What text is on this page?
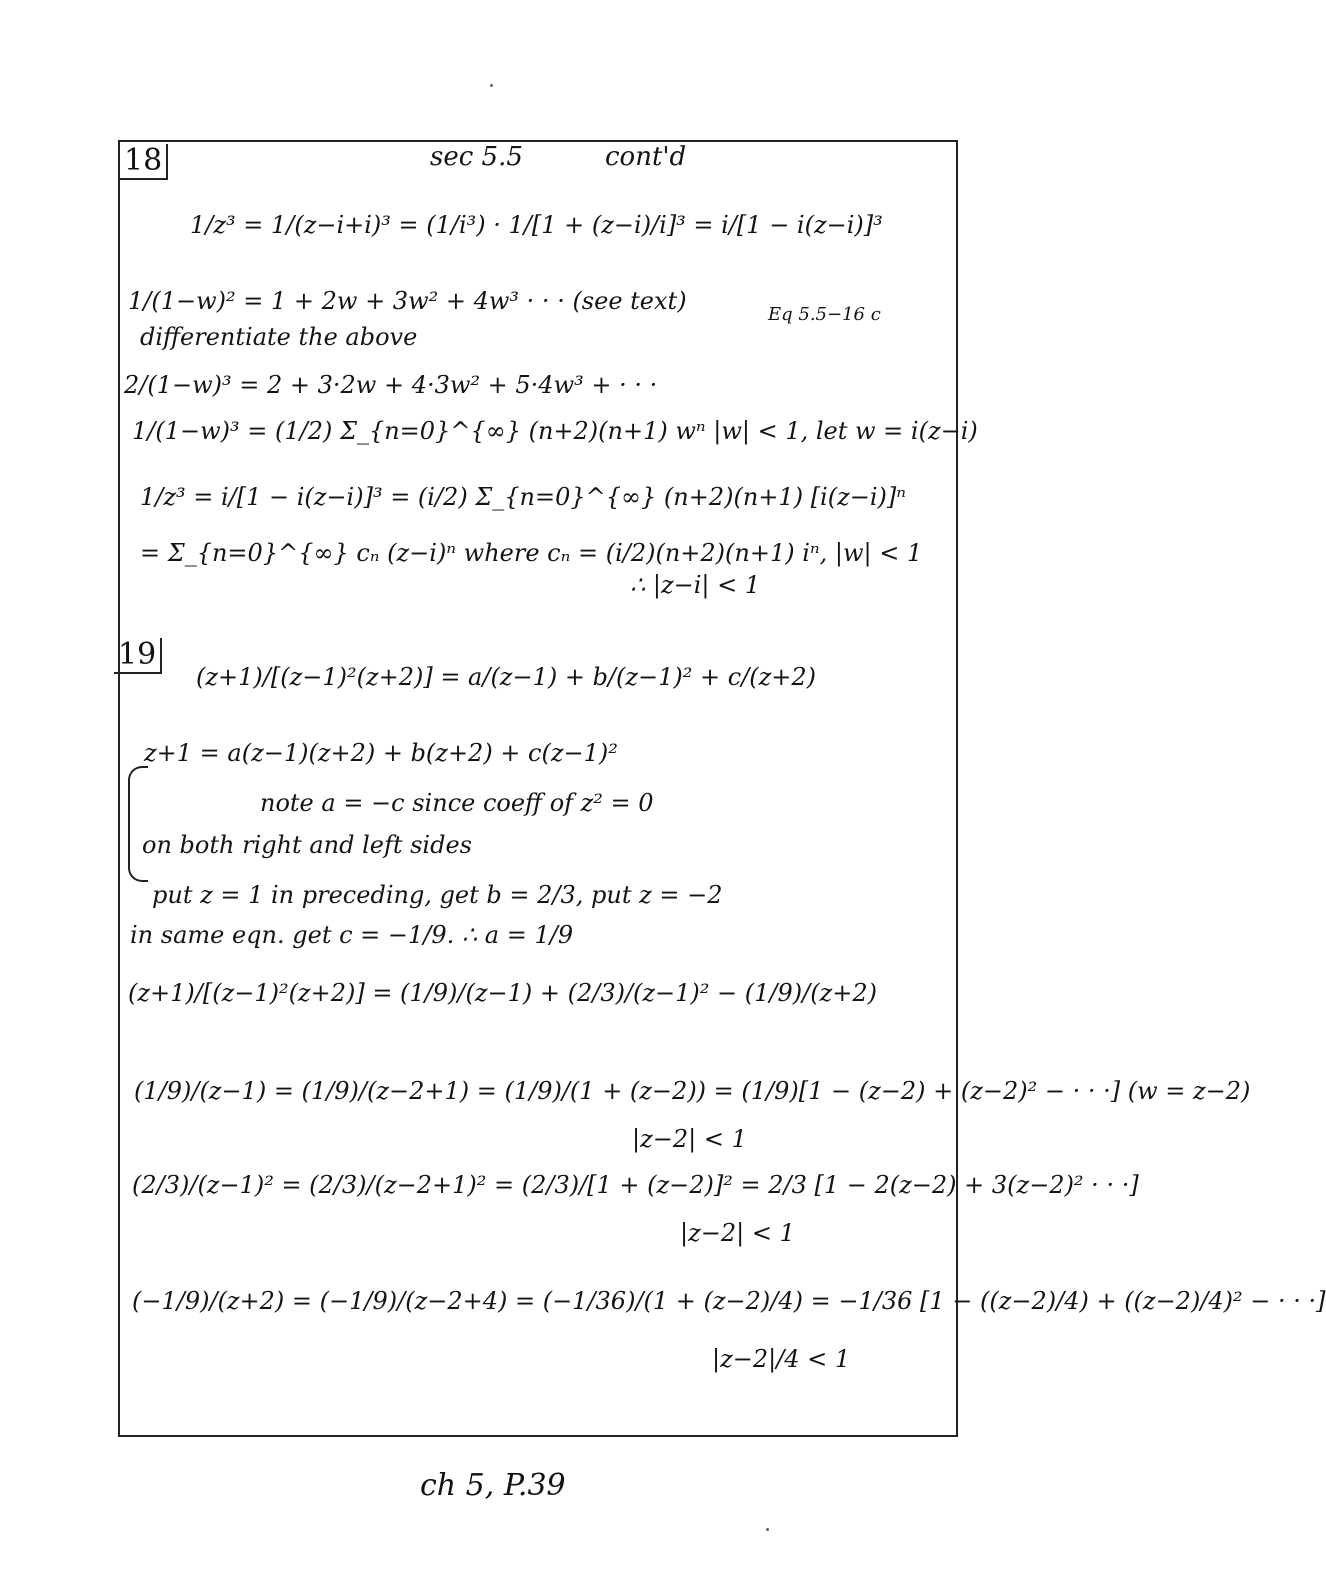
18	sec 5.5	cont'd
1/z³ = 1/(z−i+i)³ = (1/i³) · 1/[1 + (z−i)/i]³ = i/[1 − i(z−i)]³
1/(1−w)² = 1 + 2w + 3w² + 4w³ · · · (see text)	Eq 5.5−16 c
differentiate the above
2/(1−w)³ = 2 + 3·2w + 4·3w² + 5·4w³ + · · ·
1/(1−w)³ = (1/2) Σ_{n=0}^{∞} (n+2)(n+1) wⁿ |w| < 1, let w = i(z−i)
1/z³ = i/[1 − i(z−i)]³ = (i/2) Σ_{n=0}^{∞} (n+2)(n+1) [i(z−i)]ⁿ
= Σ_{n=0}^{∞} cₙ (z−i)ⁿ where cₙ = (i/2)(n+2)(n+1) iⁿ, |w| < 1
∴ |z−i| < 1
19
(z+1)/[(z−1)²(z+2)] = a/(z−1) + b/(z−1)² + c/(z+2)
z+1 = a(z−1)(z+2) + b(z+2) + c(z−1)²
note a = −c since coeff of z² = 0
on both right and left sides
put z = 1 in preceding, get b = 2/3, put z = −2
in same eqn. get c = −1/9. ∴ a = 1/9
(z+1)/[(z−1)²(z+2)] = (1/9)/(z−1) + (2/3)/(z−1)² − (1/9)/(z+2)
(1/9)/(z−1) = (1/9)/(z−2+1) = (1/9)/(1 + (z−2)) = (1/9)[1 − (z−2) + (z−2)² − · · ·] (w = z−2)
|z−2| < 1
(2/3)/(z−1)² = (2/3)/(z−2+1)² = (2/3)/[1 + (z−2)]² = 2/3 [1 − 2(z−2) + 3(z−2)² · · ·]
|z−2| < 1
(−1/9)/(z+2) = (−1/9)/(z−2+4) = (−1/36)/(1 + (z−2)/4) = −1/36 [1 − ((z−2)/4) + ((z−2)/4)² − · · ·]
|z−2|/4 < 1
ch 5, P.39
